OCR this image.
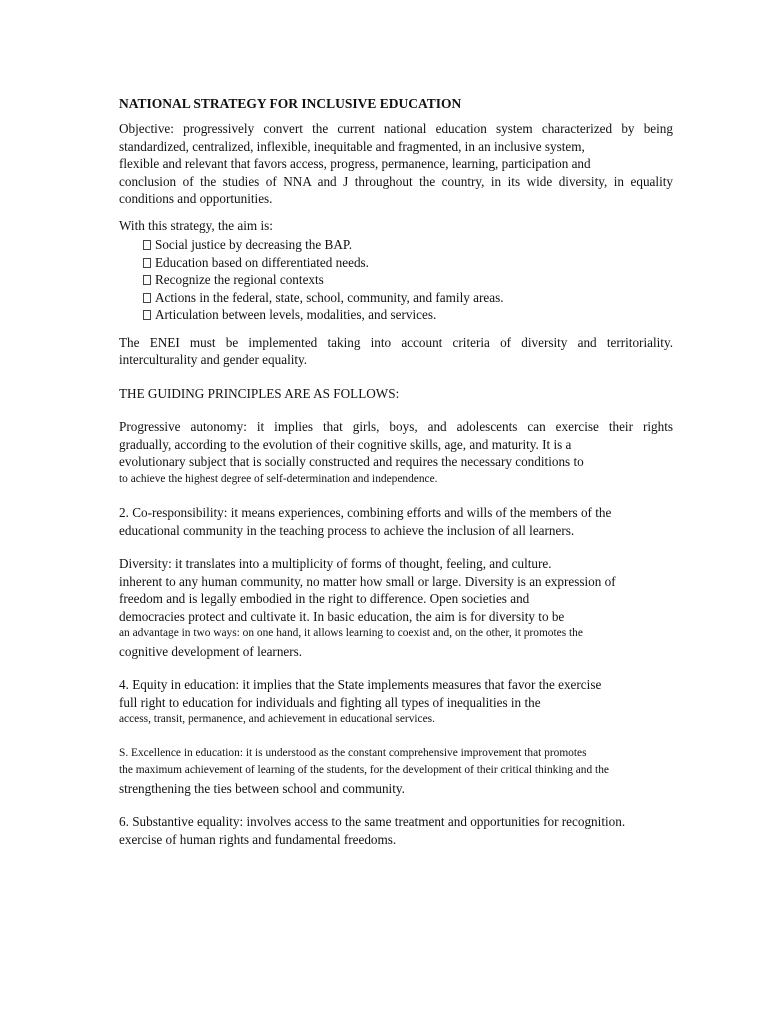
NATIONAL STRATEGY FOR INCLUSIVE EDUCATION
Objective: progressively convert the current national education system characterized by being
standardized, centralized, inflexible, inequitable and fragmented, in an inclusive system,
flexible and relevant that favors access, progress, permanence, learning, participation and
conclusion of the studies of NNA and J throughout the country, in its wide diversity, in equality
conditions and opportunities.
With this strategy, the aim is:
Social justice by decreasing the BAP.
Education based on differentiated needs.
Recognize the regional contexts
Actions in the federal, state, school, community, and family areas.
Articulation between levels, modalities, and services.
The ENEI must be implemented taking into account criteria of diversity and territoriality.
interculturality and gender equality.
THE GUIDING PRINCIPLES ARE AS FOLLOWS:
Progressive autonomy: it implies that girls, boys, and adolescents can exercise their rights
gradually, according to the evolution of their cognitive skills, age, and maturity. It is a
evolutionary subject that is socially constructed and requires the necessary conditions to
to achieve the highest degree of self-determination and independence.
2. Co-responsibility: it means experiences, combining efforts and wills of the members of the
educational community in the teaching process to achieve the inclusion of all learners.
Diversity: it translates into a multiplicity of forms of thought, feeling, and culture.
inherent to any human community, no matter how small or large. Diversity is an expression of
freedom and is legally embodied in the right to difference. Open societies and
democracies protect and cultivate it. In basic education, the aim is for diversity to be
an advantage in two ways: on one hand, it allows learning to coexist and, on the other, it promotes the
cognitive development of learners.
4. Equity in education: it implies that the State implements measures that favor the exercise
full right to education for individuals and fighting all types of inequalities in the
access, transit, permanence, and achievement in educational services.
S. Excellence in education: it is understood as the constant comprehensive improvement that promotes
the maximum achievement of learning of the students, for the development of their critical thinking and the
strengthening the ties between school and community.
6. Substantive equality: involves access to the same treatment and opportunities for recognition.
exercise of human rights and fundamental freedoms.
